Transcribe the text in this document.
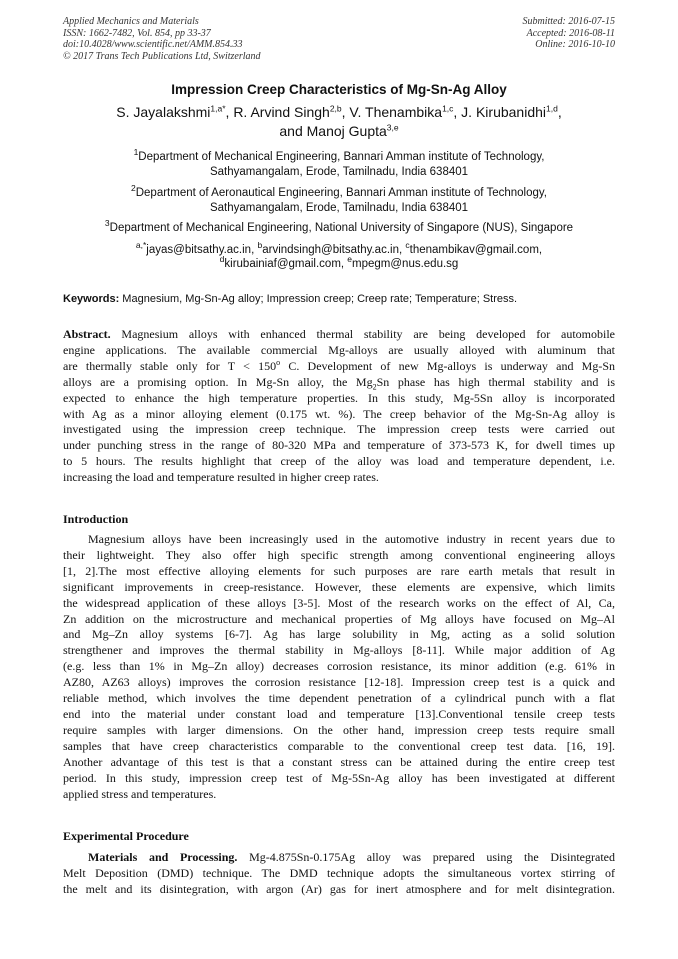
Applied Mechanics and Materials
ISSN: 1662-7482, Vol. 854, pp 33-37
doi:10.4028/www.scientific.net/AMM.854.33
© 2017 Trans Tech Publications Ltd, Switzerland
Submitted: 2016-07-15
Accepted: 2016-08-11
Online: 2016-10-10
Impression Creep Characteristics of Mg-Sn-Ag Alloy
S. Jayalakshmi$^{1,a*}$, R. Arvind Singh$^{2,b}$, V. Thenambika$^{1,c}$, J. Kirubanidhi$^{1,d}$,
and Manoj Gupta$^{3,e}$
$^1$Department of Mechanical Engineering, Bannari Amman institute of Technology,
Sathyamangalam, Erode, Tamilnadu, India 638401
$^2$Department of Aeronautical Engineering, Bannari Amman institute of Technology,
Sathyamangalam, Erode, Tamilnadu, India 638401
$^3$Department of Mechanical Engineering, National University of Singapore (NUS), Singapore
$^{a,*}$jayas@bitsathy.ac.in, $^b$arvindsingh@bitsathy.ac.in, $^c$thenambikav@gmail.com,
$^d$kirubainiaf@gmail.com, $^e$mpegm@nus.edu.sg
Keywords: Magnesium, Mg-Sn-Ag alloy; Impression creep; Creep rate; Temperature; Stress.
Abstract. Magnesium alloys with enhanced thermal stability are being developed for automobile
engine applications. The available commercial Mg-alloys are usually alloyed with aluminum that
are thermally stable only for $T < 150^o$ C. Development of new Mg-alloys is underway and Mg-Sn
alloys are a promising option. In Mg-Sn alloy, the $Mg_2Sn$ phase has high thermal stability and is
expected to enhance the high temperature properties. In this study, Mg-5Sn alloy is incorporated
with Ag as a minor alloying element (0.175 wt. %). The creep behavior of the Mg-Sn-Ag alloy is
investigated using the impression creep technique. The impression creep tests were carried out
under punching stress in the range of 80-320 MPa and temperature of 373-573 K, for dwell times up
to 5 hours. The results highlight that creep of the alloy was load and temperature dependent, i.e.
increasing the load and temperature resulted in higher creep rates.
Introduction
Magnesium alloys have been increasingly used in the automotive industry in recent years due to
their lightweight. They also offer high specific strength among conventional engineering alloys
[1, 2].The most effective alloying elements for such purposes are rare earth metals that result in
significant improvements in creep-resistance. However, these elements are expensive, which limits
the widespread application of these alloys [3-5]. Most of the research works on the effect of Al, Ca,
Zn addition on the microstructure and mechanical properties of Mg alloys have focused on Mg–Al
and Mg–Zn alloy systems [6-7]. Ag has large solubility in Mg, acting as a solid solution
strengthener and improves the thermal stability in Mg-alloys [8-11]. While major addition of Ag
(e.g. less than 1% in Mg–Zn alloy) decreases corrosion resistance, its minor addition (e.g. 61% in
AZ80, AZ63 alloys) improves the corrosion resistance [12-18]. Impression creep test is a quick and
reliable method, which involves the time dependent penetration of a cylindrical punch with a flat
end into the material under constant load and temperature [13].Conventional tensile creep tests
require samples with larger dimensions. On the other hand, impression creep tests require small
samples that have creep characteristics comparable to the conventional creep test data. [16, 19].
Another advantage of this test is that a constant stress can be attained during the entire creep test
period. In this study, impression creep test of Mg-5Sn-Ag alloy has been investigated at different
applied stress and temperatures.
Experimental Procedure
Materials and Processing. Mg-4.875Sn-0.175Ag alloy was prepared using the Disintegrated
Melt Deposition (DMD) technique. The DMD technique adopts the simultaneous vortex stirring of
the melt and its disintegration, with argon (Ar) gas for inert atmosphere and for melt disintegration.
